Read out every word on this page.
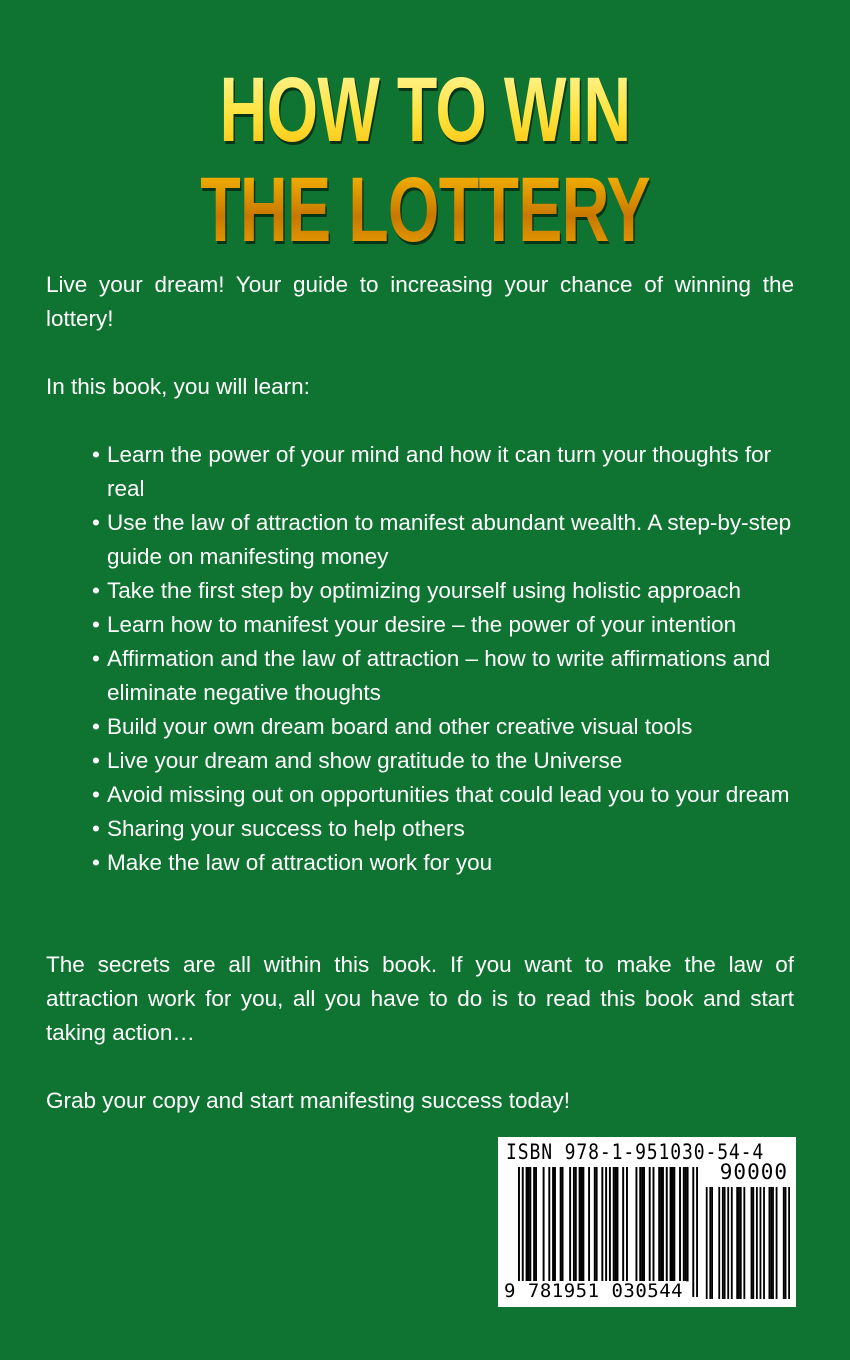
HOW TO WIN
THE LOTTERY
Live your dream! Your guide to increasing your chance of winning the lottery!
In this book, you will learn:
• Learn the power of your mind and how it can turn your thoughts for real
• Use the law of attraction to manifest abundant wealth. A step-by-step guide on manifesting money
• Take the first step by optimizing yourself using holistic approach
• Learn how to manifest your desire – the power of your intention
• Affirmation and the law of attraction – how to write affirmations and eliminate negative thoughts
• Build your own dream board and other creative visual tools
• Live your dream and show gratitude to the Universe
• Avoid missing out on opportunities that could lead you to your dream
• Sharing your success to help others
• Make the law of attraction work for you
The secrets are all within this book. If you want to make the law of attraction work for you, all you have to do is to read this book and start taking action…
Grab your copy and start manifesting success today!
ISBN 978-1-951030-54-4
90000
9 781951 030544
